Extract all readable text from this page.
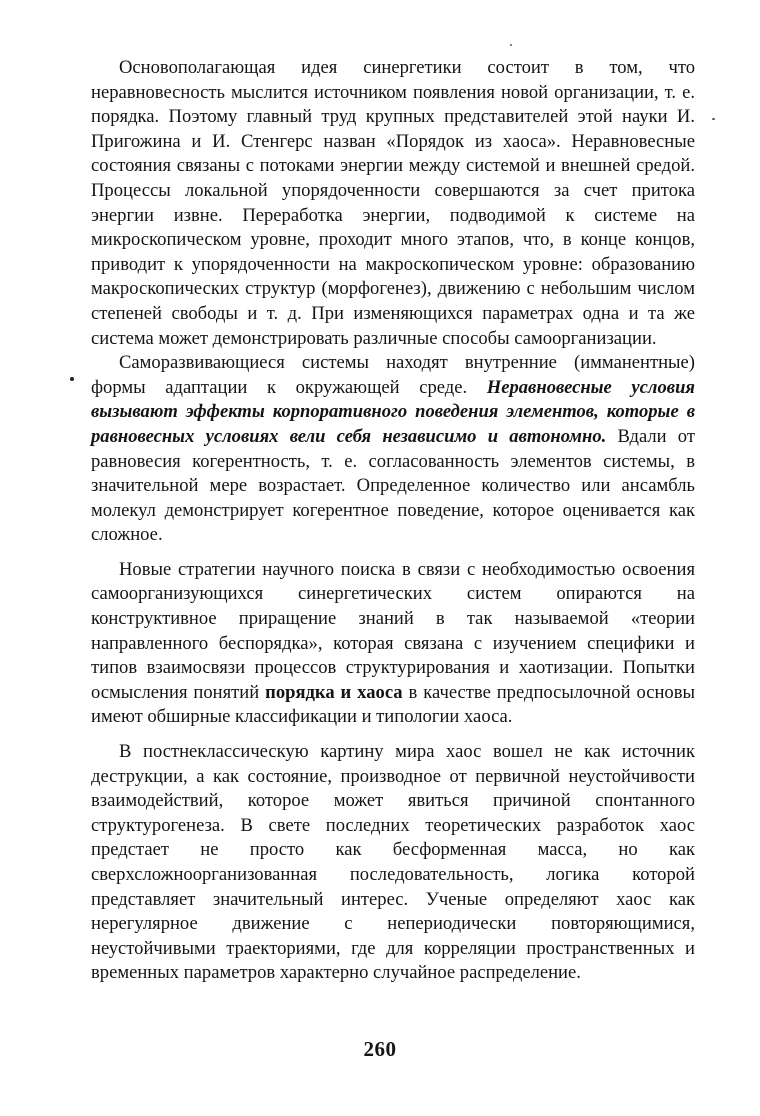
Основополагающая идея синергетики состоит в том, что неравновесность мыслится источником появления новой организации, т. е. порядка. Поэтому главный труд крупных представителей этой науки И. Пригожина и И. Стенгерс назван «Порядок из хаоса». Неравновесные состояния связаны с потоками энергии между системой и внешней средой. Процессы локальной упорядоченности совершаются за счет притока энергии извне. Переработка энергии, подводимой к системе на микроскопическом уровне, проходит много этапов, что, в конце концов, приводит к упорядоченности на макроскопическом уровне: образованию макроскопических структур (морфогенез), движению с небольшим числом степеней свободы и т. д. При изменяющихся параметрах одна и та же система может демонстрировать различные способы самоорганизации.

Саморазвивающиеся системы находят внутренние (имманентные) формы адаптации к окружающей среде. Неравновесные условия вызывают эффекты корпоративного поведения элементов, которые в равновесных условиях вели себя независимо и автономно. Вдали от равновесия когерентность, т. е. согласованность элементов системы, в значительной мере возрастает. Определенное количество или ансамбль молекул демонстрирует когерентное поведение, которое оценивается как сложное.

Новые стратегии научного поиска в связи с необходимостью освоения самоорганизующихся синергетических систем опираются на конструктивное приращение знаний в так называемой «теории направленного беспорядка», которая связана с изучением специфики и типов взаимосвязи процессов структурирования и хаотизации. Попытки осмысления понятий порядка и хаоса в качестве предпосылочной основы имеют обширные классификации и типологии хаоса.

В постнеклассическую картину мира хаос вошел не как источник деструкции, а как состояние, производное от первичной неустойчивости взаимодействий, которое может явиться причиной спонтанного структурогенеза. В свете последних теоретических разработок хаос предстает не просто как бесформенная масса, но как сверхсложноорганизованная последовательность, логика которой представляет значительный интерес. Ученые определяют хаос как нерегулярное движение с непериодически повторяющимися, неустойчивыми траекториями, где для корреляции пространственных и временных параметров характерно случайное распределение.

260
